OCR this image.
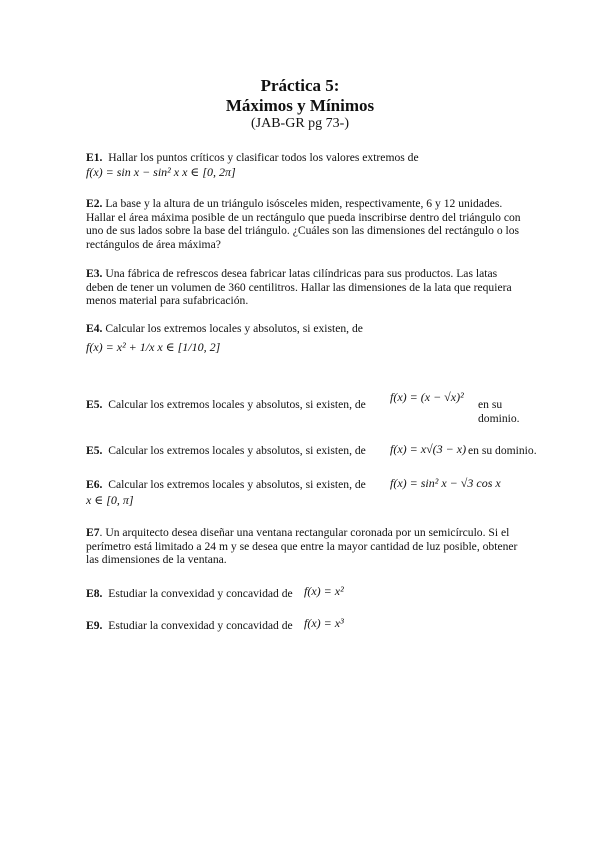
Práctica 5:
Máximos y Mínimos
(JAB-GR pg 73-)
E1. Hallar los puntos críticos y clasificar todos los valores extremos de
f(x) = sin x − sin² x x ∈ [0, 2π]
E2. La base y la altura de un triángulo isósceles miden, respectivamente, 6 y 12 unidades. Hallar el área máxima posible de un rectángulo que pueda inscribirse dentro del triángulo con uno de sus lados sobre la base del triángulo. ¿Cuáles son las dimensiones del rectángulo o los rectángulos de área máxima?
E3. Una fábrica de refrescos desea fabricar latas cilíndricas para sus productos. Las latas deben de tener un volumen de 360 centilitros. Hallar las dimensiones de la lata que requiera menos material para sufabricación.
E4. Calcular los extremos locales y absolutos, si existen, de
f(x) = x² + 1/x x ∈ [1/10, 2]
E5. Calcular los extremos locales y absolutos, si existen, de
f(x) = (x − √x)²
en su dominio.
E5. Calcular los extremos locales y absolutos, si existen, de f(x) = x√(3 − x) en su dominio.
E6. Calcular los extremos locales y absolutos, si existen, de f(x) = sin² x − √3 cos x
x ∈ [0, π]
E7. Un arquitecto desea diseñar una ventana rectangular coronada por un semicírculo. Si el perímetro está limitado a 24 m y se desea que entre la mayor cantidad de luz posible, obtener las dimensiones de la ventana.
E8. Estudiar la convexidad y concavidad de f(x) = x²
E9. Estudiar la convexidad y concavidad de f(x) = x³
